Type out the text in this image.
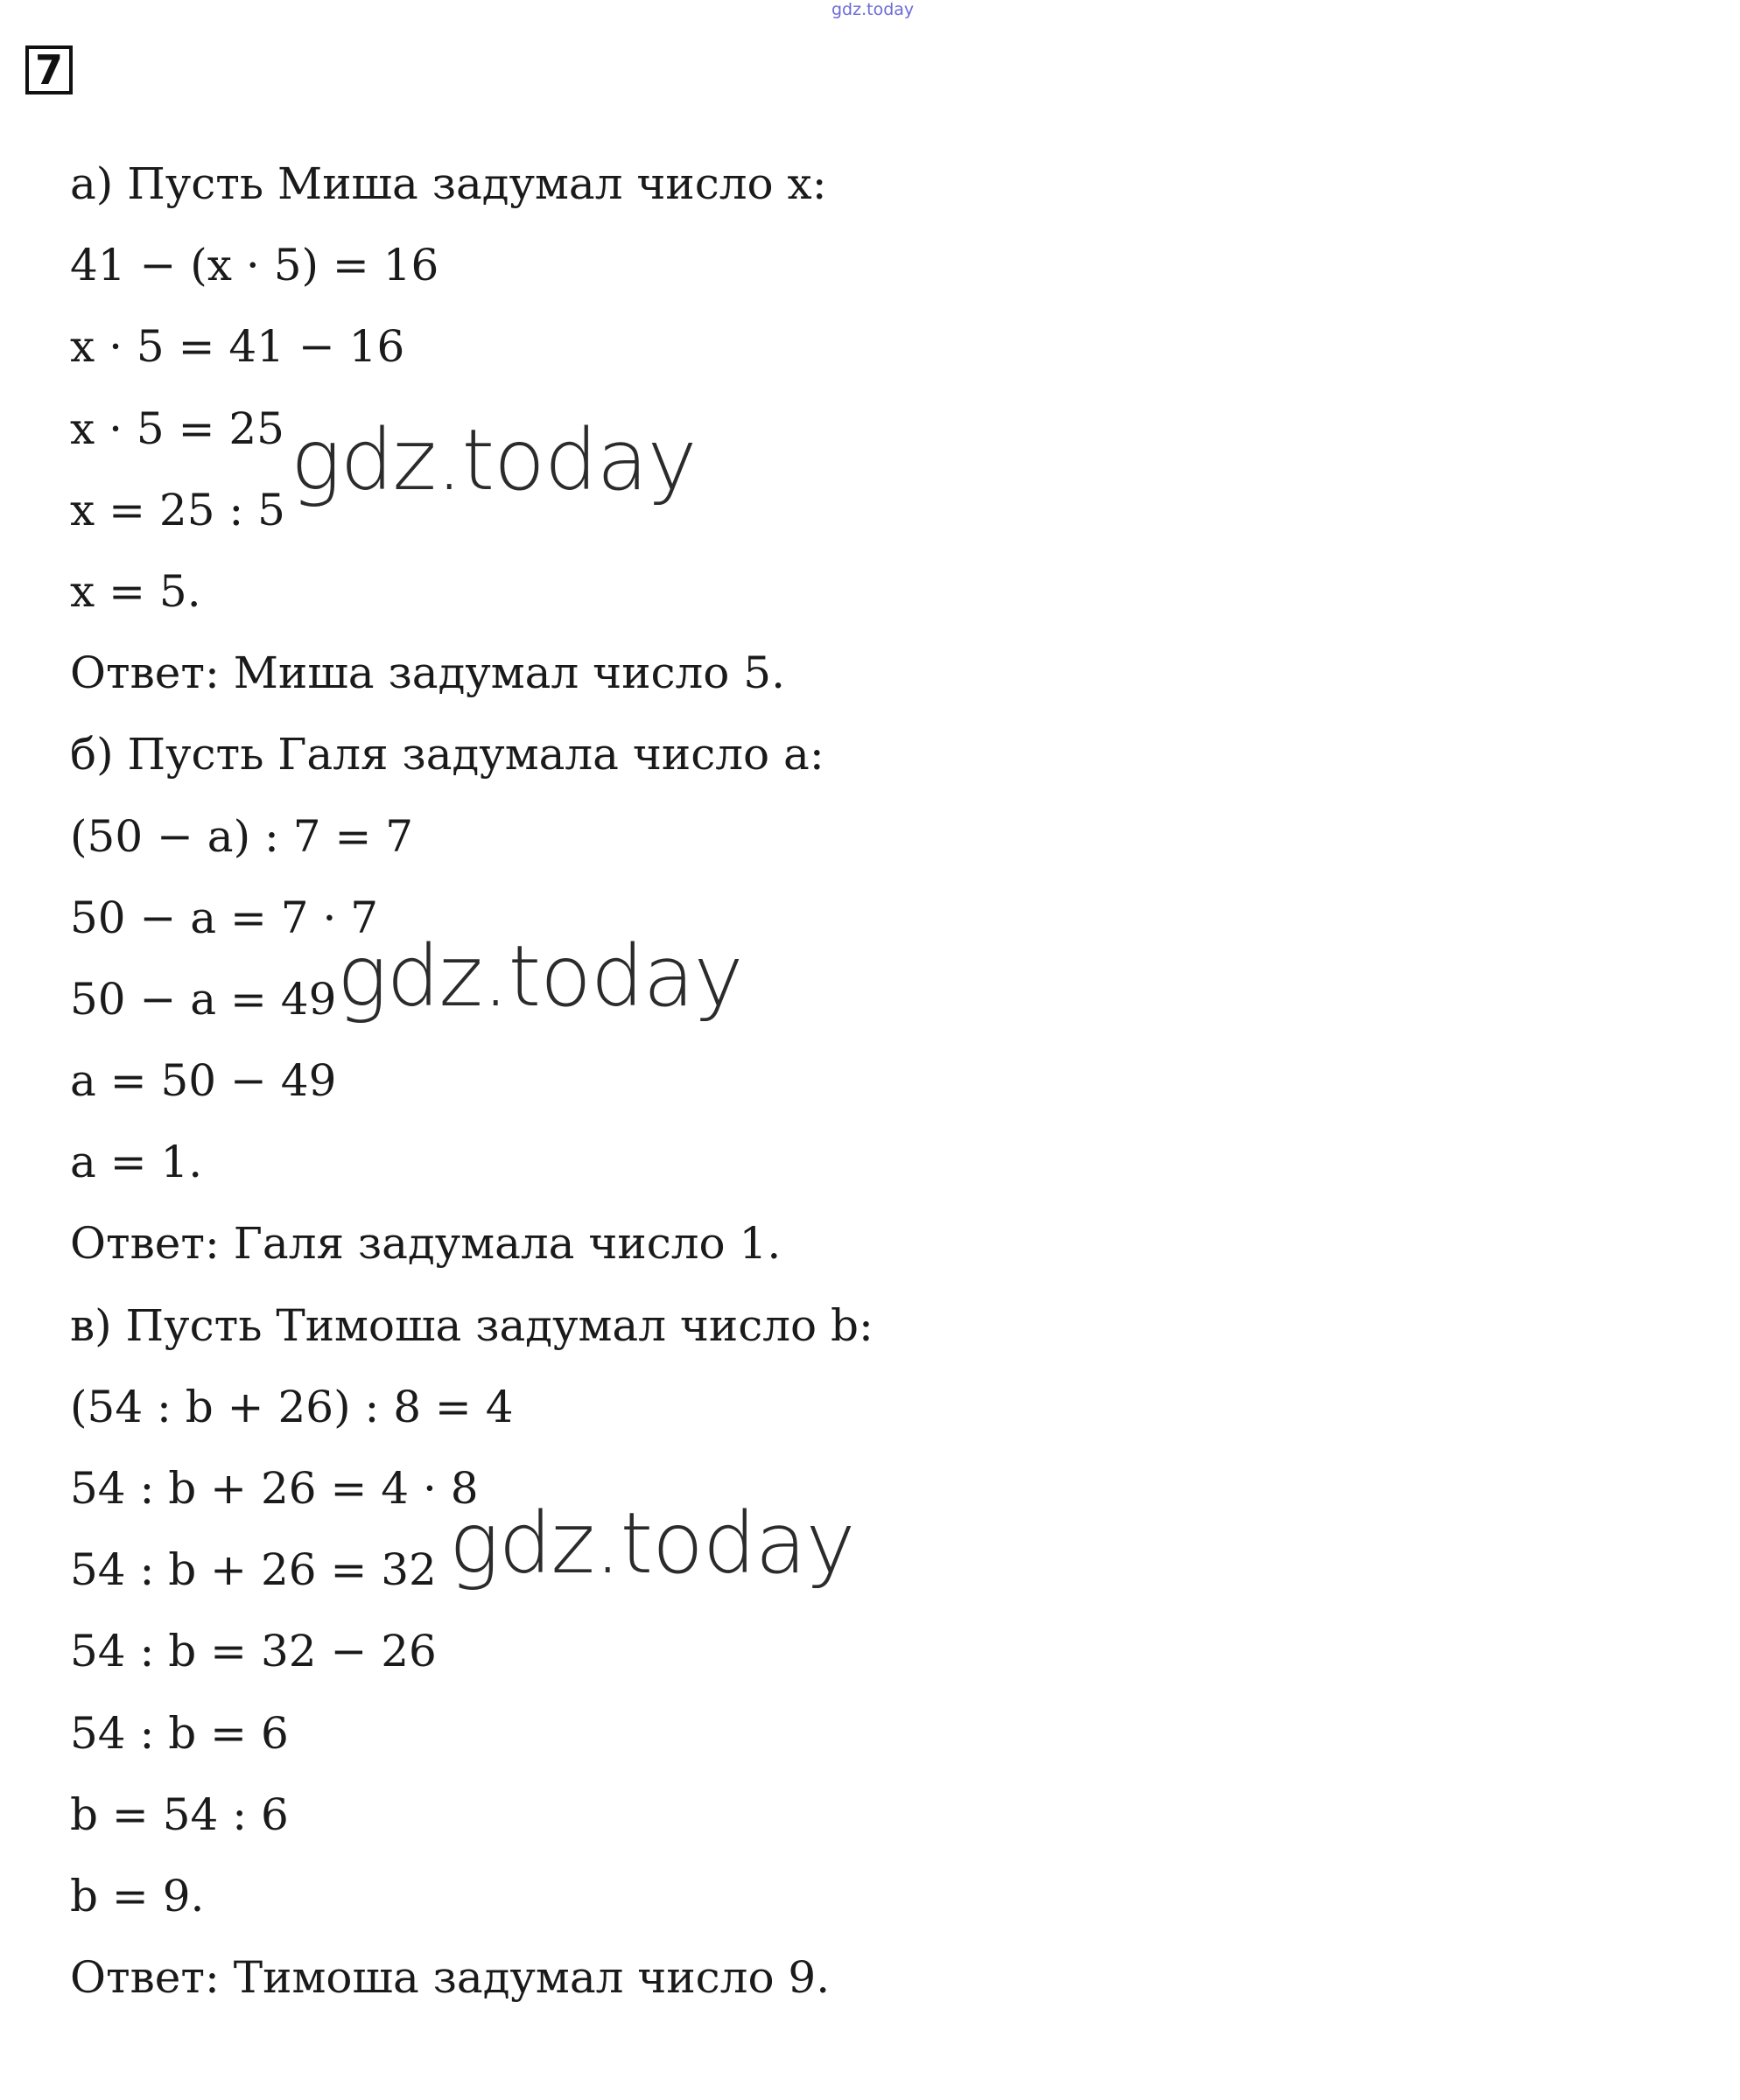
gdz.today
7
а) Пусть Миша задумал число x:
41 − (x · 5) = 16
x · 5 = 41 − 16
x · 5 = 25
x = 25 : 5
x = 5.
Ответ: Миша задумал число 5.
б) Пусть Галя задумала число a:
(50 − a) : 7 = 7
50 − a = 7 · 7
50 − a = 49
a = 50 − 49
a = 1.
Ответ: Галя задумала число 1.
в) Пусть Тимоша задумал число b:
(54 : b + 26) : 8 = 4
54 : b + 26 = 4 · 8
54 : b + 26 = 32
54 : b = 32 − 26
54 : b = 6
b = 54 : 6
b = 9.
Ответ: Тимоша задумал число 9.
gdz.today
gdz.today
gdz.today
